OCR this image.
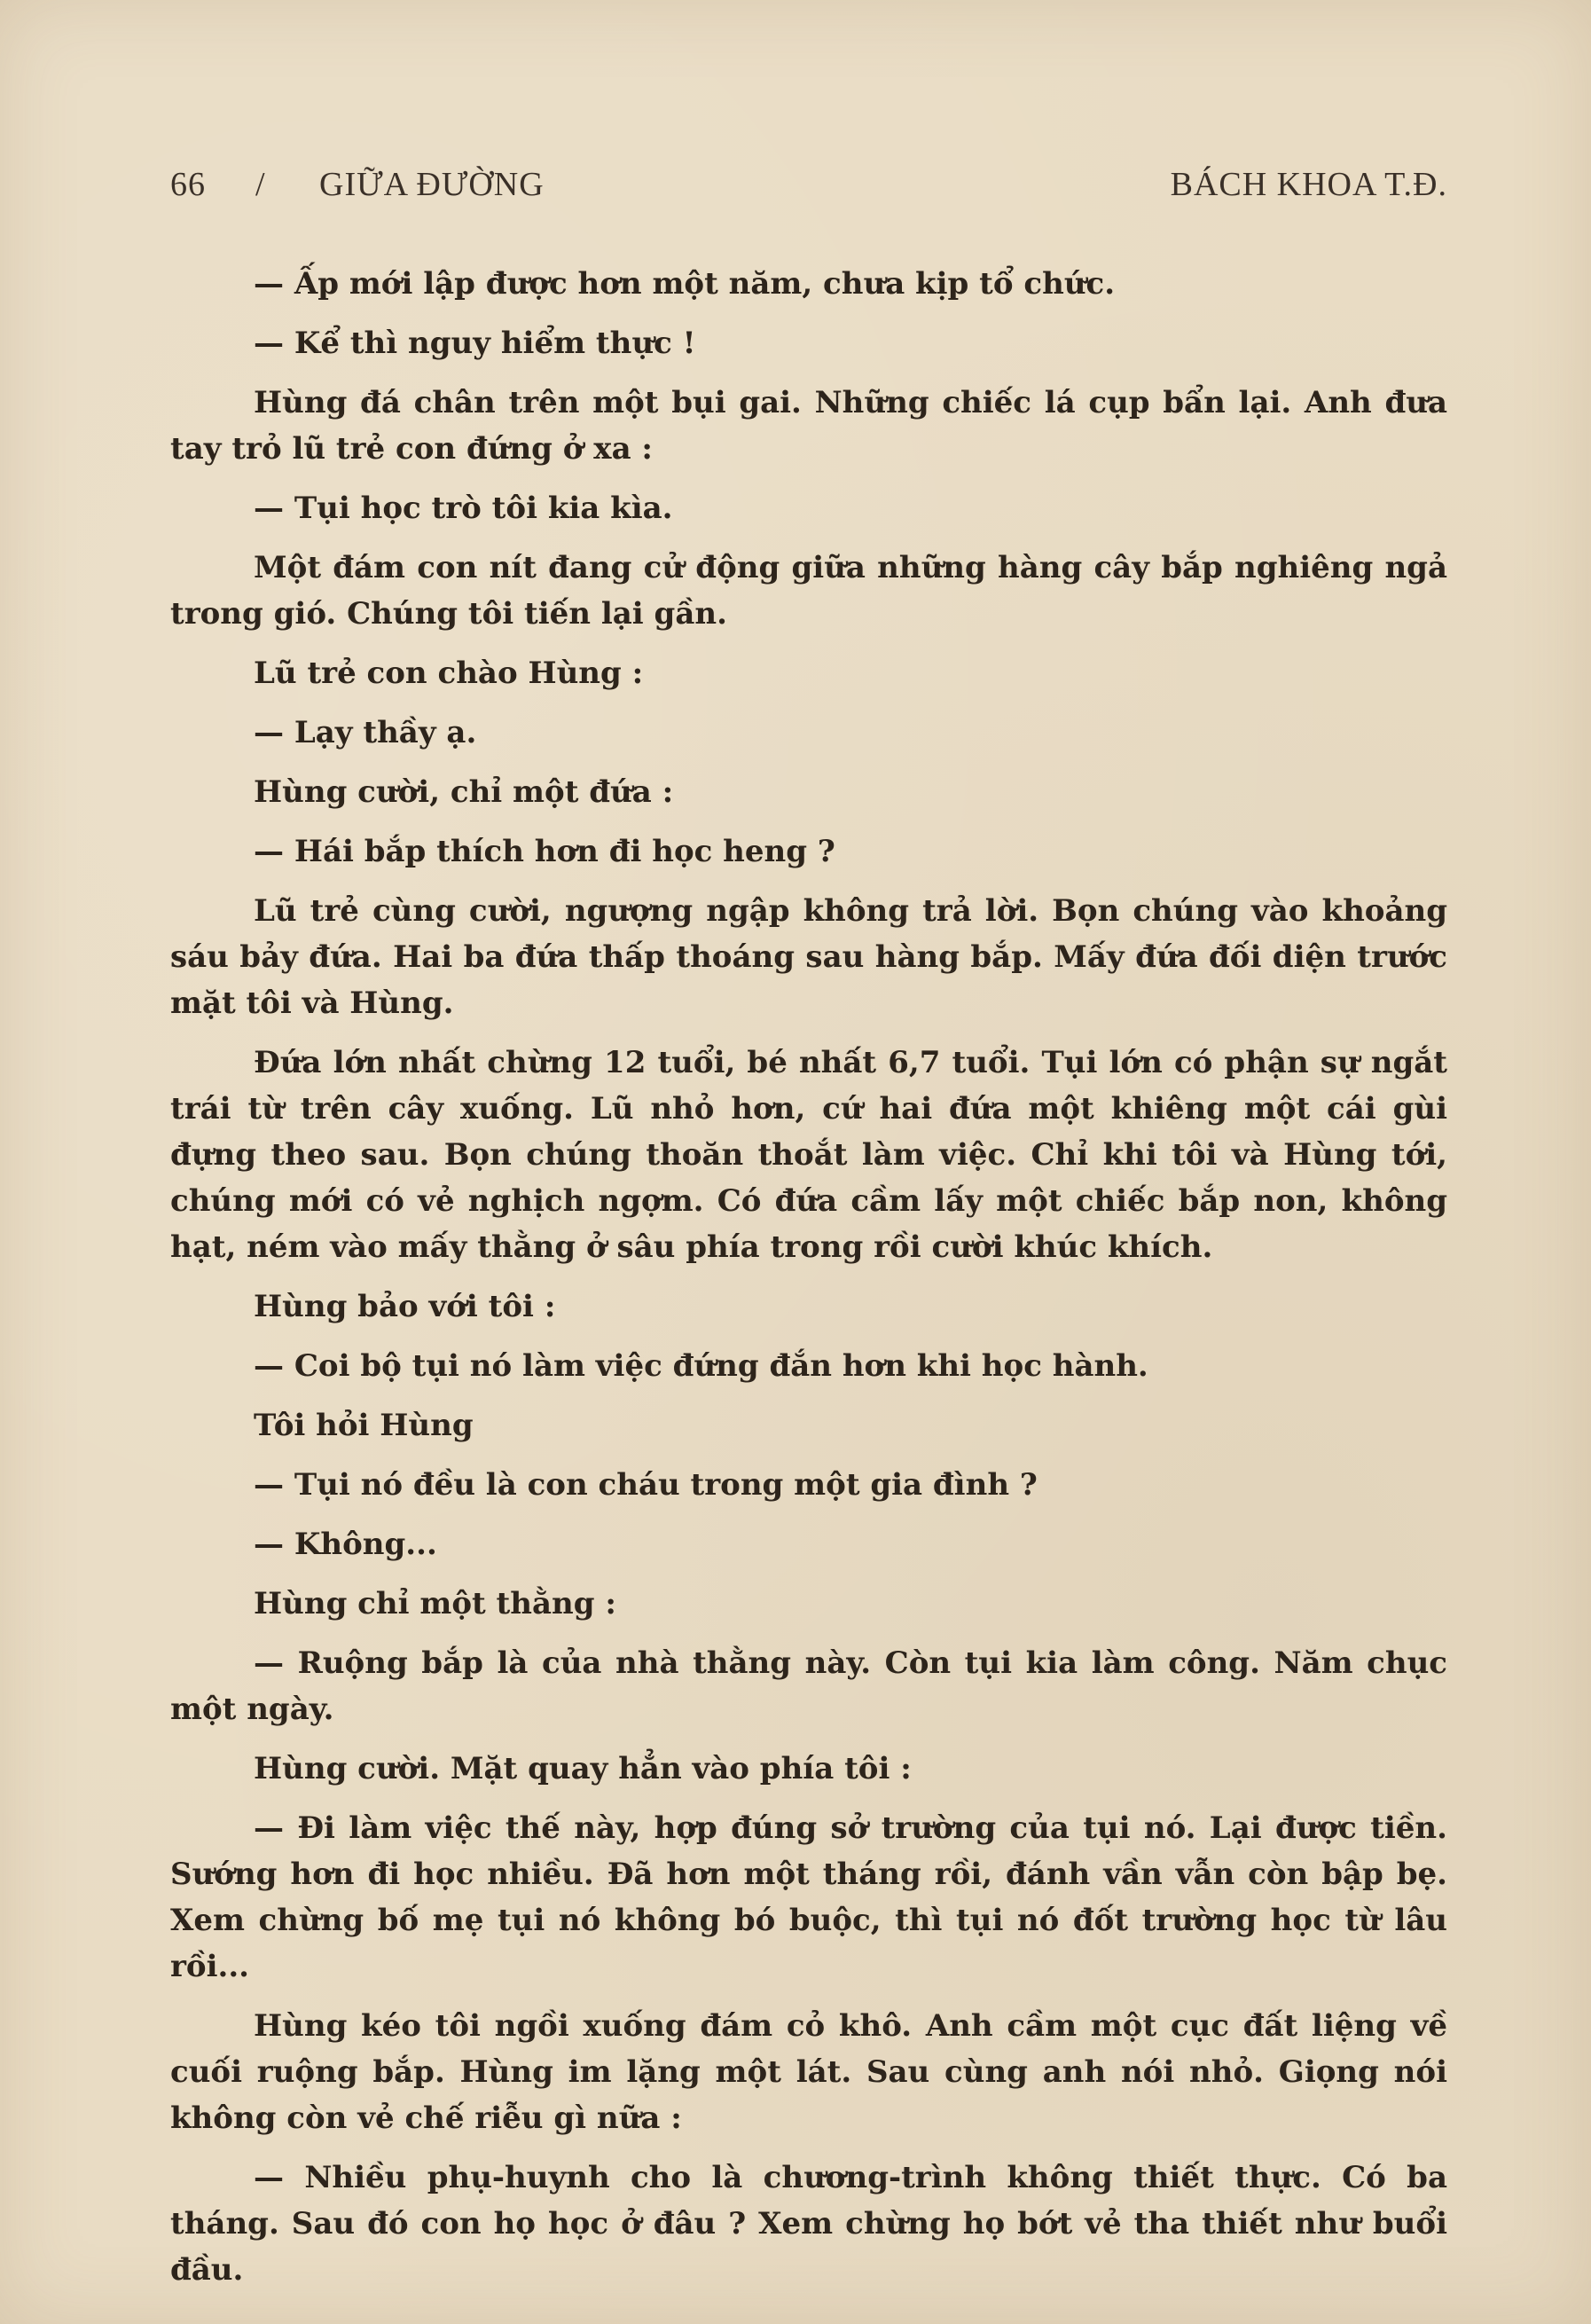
66 / GIỮA ĐƯỜNG	BÁCH KHOA T.Đ.

— Ấp mới lập được hơn một năm, chưa kịp tổ chức.

— Kể thì nguy hiểm thực !

Hùng đá chân trên một bụi gai. Những chiếc lá cụp bẩn lại. Anh đưa tay trỏ lũ trẻ con đứng ở xa :

— Tụi học trò tôi kia kìa.

Một đám con nít đang cử động giữa những hàng cây bắp nghiêng ngả trong gió. Chúng tôi tiến lại gần.

Lũ trẻ con chào Hùng :

— Lạy thầy ạ.

Hùng cười, chỉ một đứa :

— Hái bắp thích hơn đi học heng ?

Lũ trẻ cùng cười, ngượng ngập không trả lời. Bọn chúng vào khoảng sáu bảy đứa. Hai ba đứa thấp thoáng sau hàng bắp. Mấy đứa đối diện trước mặt tôi và Hùng.

Đứa lớn nhất chừng 12 tuổi, bé nhất 6,7 tuổi. Tụi lớn có phận sự ngắt trái từ trên cây xuống. Lũ nhỏ hơn, cứ hai đứa một khiêng một cái gùi đựng theo sau. Bọn chúng thoăn thoắt làm việc. Chỉ khi tôi và Hùng tới, chúng mới có vẻ nghịch ngợm. Có đứa cầm lấy một chiếc bắp non, không hạt, ném vào mấy thằng ở sâu phía trong rồi cười khúc khích.

Hùng bảo với tôi :

— Coi bộ tụi nó làm việc đứng đắn hơn khi học hành.

Tôi hỏi Hùng

— Tụi nó đều là con cháu trong một gia đình ?

— Không...

Hùng chỉ một thằng :

— Ruộng bắp là của nhà thằng này. Còn tụi kia làm công. Năm chục một ngày.

Hùng cười. Mặt quay hẳn vào phía tôi :

— Đi làm việc thế này, hợp đúng sở trường của tụi nó. Lại được tiền. Sướng hơn đi học nhiều. Đã hơn một tháng rồi, đánh vần vẫn còn bập bẹ. Xem chừng bố mẹ tụi nó không bó buộc, thì tụi nó đốt trường học từ lâu rồi...

Hùng kéo tôi ngồi xuống đám cỏ khô. Anh cầm một cục đất liệng về cuối ruộng bắp. Hùng im lặng một lát. Sau cùng anh nói nhỏ. Giọng nói không còn vẻ chế riễu gì nữa :

— Nhiều phụ-huynh cho là chương-trình không thiết thực. Có ba tháng. Sau đó con họ học ở đâu ? Xem chừng họ bớt vẻ tha thiết như buổi đầu.
